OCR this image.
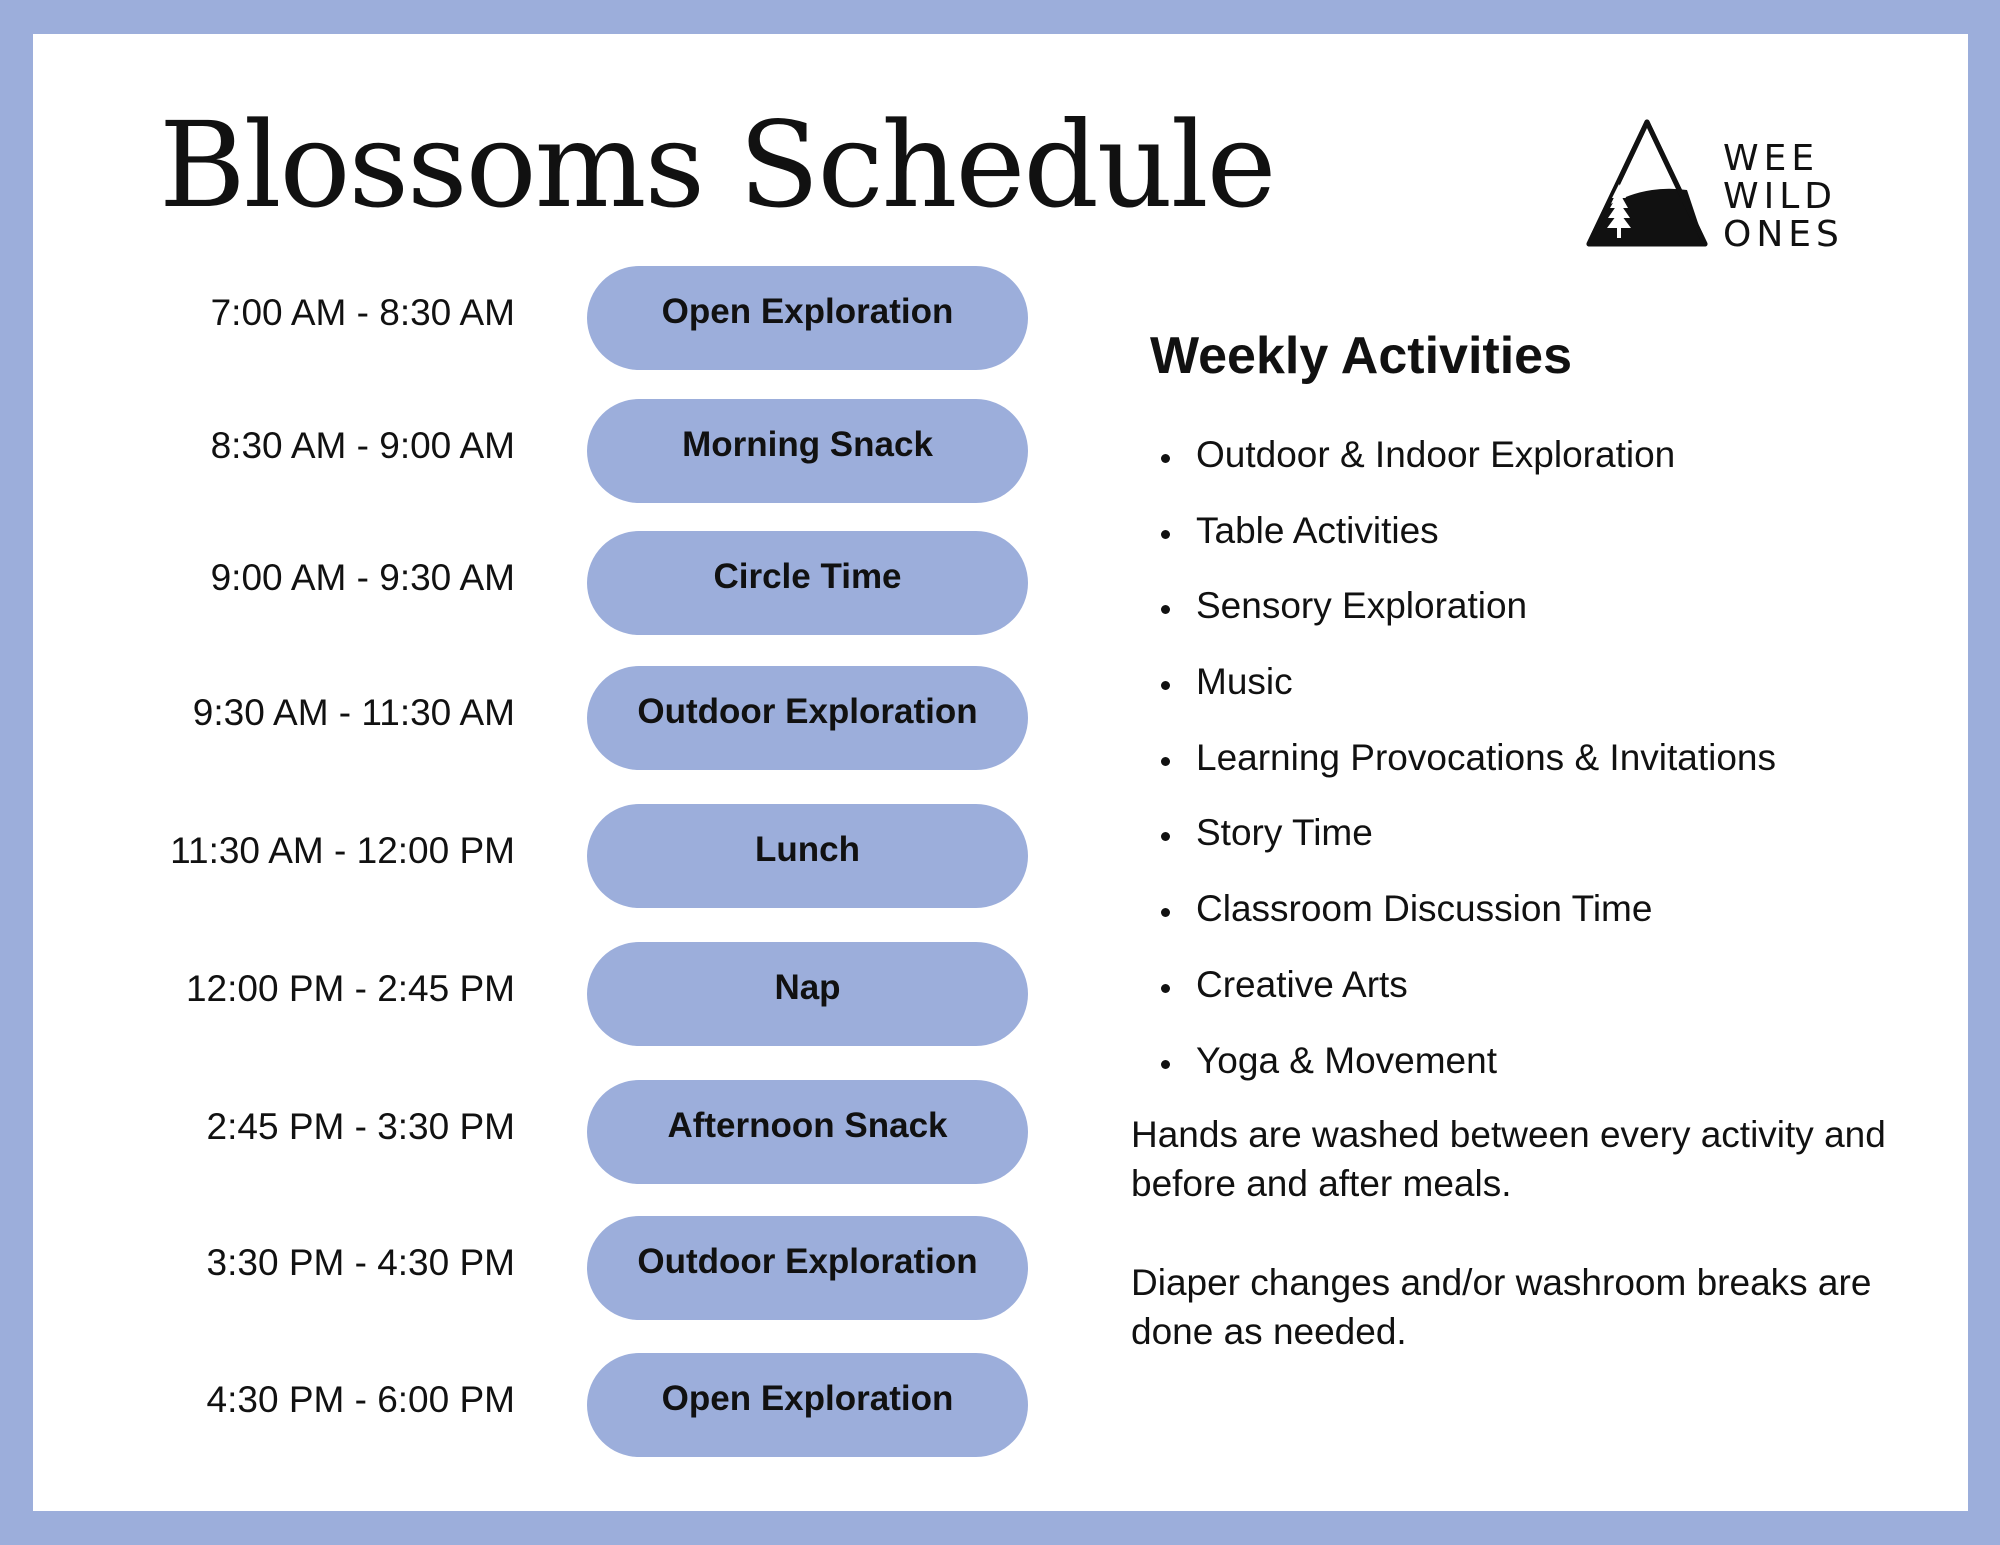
Blossoms Schedule	WEE
WILD
ONES
7:00 AM - 8:30 AM	Open Exploration
8:30 AM - 9:00 AM	Morning Snack
9:00 AM - 9:30 AM	Circle Time
9:30 AM - 11:30 AM	Outdoor Exploration
11:30 AM - 12:00 PM	Lunch
12:00 PM - 2:45 PM	Nap
2:45 PM - 3:30 PM	Afternoon Snack
3:30 PM - 4:30 PM	Outdoor Exploration
4:30 PM - 6:00 PM	Open Exploration
Weekly Activities
Outdoor & Indoor Exploration
Table Activities
Sensory Exploration
Music
Learning Provocations & Invitations
Story Time
Classroom Discussion Time
Creative Arts
Yoga & Movement

Hands are washed between every activity and before and after meals.

Diaper changes and/or washroom breaks are done as needed.
